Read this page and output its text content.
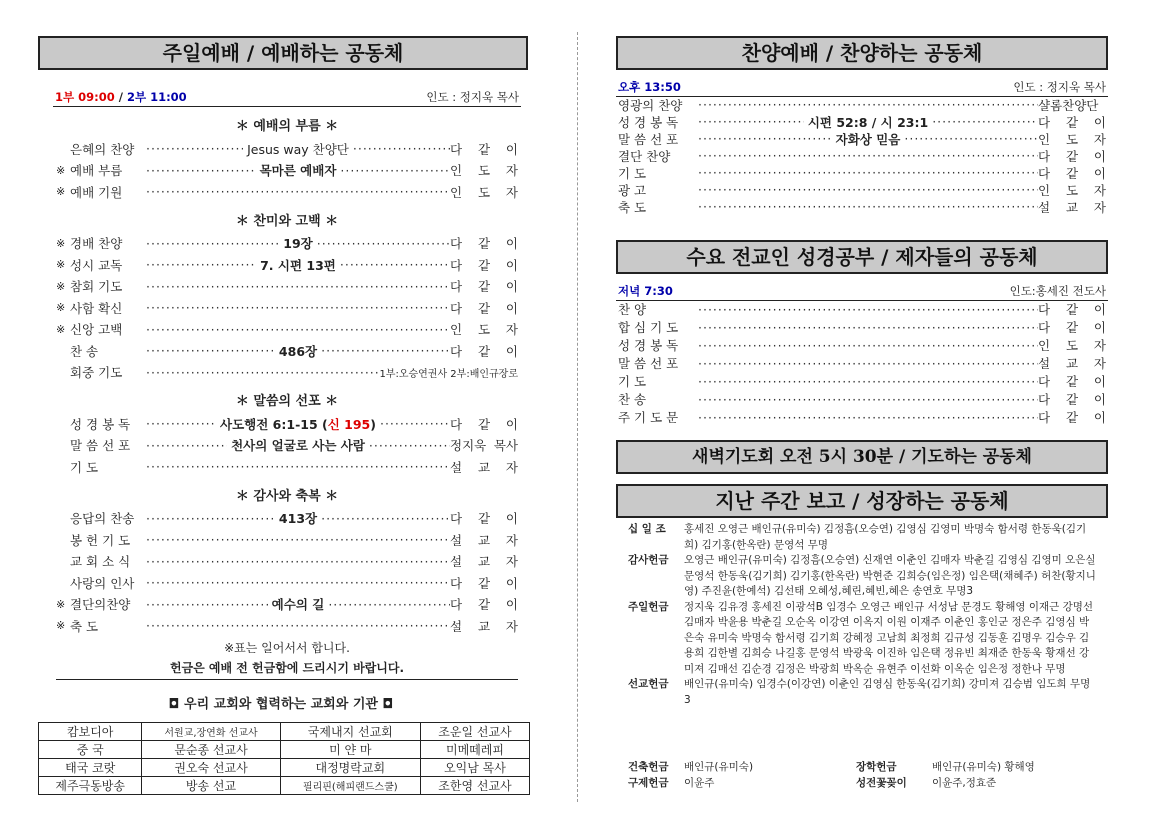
주일예배 / 예배하는 공동체
1부 09:00 / 2부 11:00	인도 : 정지욱 목사
＊ 예배의 부름 ＊
은혜의 찬양 ·····	Jesus way 찬양단 ·····	다 같 이
※ 예배 부름 ·····	목마른 예배자 ·····	인 도 자
※ 예배 기원 ·····	인 도 자
＊ 찬미와 고백 ＊
※ 경배 찬양 ·····	19장 ·····	다 같 이
※ 성시 교독 ·····	7. 시편 13편 ·····	다 같 이
※ 참회 기도 ·····	다 같 이
※ 사함 확신 ·····	다 같 이
※ 신앙 고백 ·····	인 도 자
찬 송 ·····	486장 ·····	다 같 이
회중 기도 ·····	1부:오승연권사 2부:배인규장로
＊ 말씀의 선포 ＊
성 경 봉 독 ·····	사도행전 6:1-15 (신 195) ·····	다 같 이
말 씀 선 포 ·····	천사의 얼굴로 사는 사람 ·····	정지욱 목사
기 도 ·····	설 교 자
＊ 감사와 축복 ＊
응답의 찬송 ·····	413장 ·····	다 같 이
봉 헌 기 도 ·····	설 교 자
교 회 소 식 ·····	설 교 자
사랑의 인사 ·····	다 같 이
※ 결단의찬양 ·····	예수의 길 ·····	다 같 이
※ 축 도 ·····	설 교 자
※표는 일어서서 합니다.
헌금은 예배 전 헌금함에 드리시기 바랍니다.
◘ 우리 교회와 협력하는 교회와 기관 ◘
캄보디아	서원교,장연화 선교사	국제내지 선교회	조운일 선교사
중 국	문순종 선교사	미 얀 마	미메떼레피
태국 코랏	권오숙 선교사	대정명락교회	오익남 목사
제주극동방송	방송 선교	필리핀(해피랜드스쿨)	조한영 선교사
찬양예배 / 찬양하는 공동체
오후 13:50	인도 : 정지욱 목사
영광의 찬양 ·····	샬롬찬양단
성 경 봉 독 ·····	시편 52:8 / 시 23:1 ·····	다 같 이
말 씀 선 포 ·····	자화상 믿음 ·····	인 도 자
결단 찬양 ·····	다 같 이
기 도 ·····	다 같 이
광 고 ·····	인 도 자
축 도 ·····	설 교 자
수요 전교인 성경공부 / 제자들의 공동체
저녁 7:30	인도:홍세진 전도사
찬 양 ·····	다 같 이
합 심 기 도 ·····	다 같 이
성 경 봉 독 ·····	인 도 자
말 씀 선 포 ·····	설 교 자
기 도 ·····	다 같 이
찬 송 ·····	다 같 이
주 기 도 문 ·····	다 같 이
새벽기도회 오전 5시 30분 / 기도하는 공동체
지난 주간 보고 / 성장하는 공동체
십 일 조	홍세진 오영근 배인규(유미숙) 김정흠(오승연) 김영심 김영미 박명숙 함서령 한동욱(김기희) 김기홍(한옥란) 문영석 무명
감사헌금	오영근 배인규(유미숙) 김정흠(오승연) 신재연 이춘인 김매자 박춘길 김영심 김영미 오은실 문영석 한동욱(김기희) 김기홍(한옥란) 박현준 김희승(임은정) 임은택(채혜주) 허찬(황지니영) 주진윤(한예석) 김선태 오혜성,혜린,혜빈,혜은 송연호 무명3
주일헌금	정지욱 김유경 홍세진 이광석B 임경수 오영근 배인규 서성남 문경도 황해영 이재근 강명선 김매자 박윤용 박춘길 오순옥 이강연 이옥지 이원 이재주 이춘인 홍인군 정은주 김영심 박은숙 유미숙 박명숙 함서령 김기희 강혜정 고남희 최정희 김규성 김동훈 김명우 김승우 김용희 김한별 김희승 나길홍 문영석 박광욱 이진하 임은택 정유빈 최재준 한동욱 황재선 강미져 김매선 김순경 김정은 박광희 박옥순 유현주 이선화 이옥순 임은정 정한나 무명
선교헌금	배인규(유미숙) 임경수(이강연) 이춘인 김영심 한동욱(김기희) 강미져 김승범 임도희 무명3
건축헌금	배인규(유미숙)	장학헌금	배인규(유미숙) 황해영
구제헌금	이윤주	성전꽃꽂이	이윤주,정효준
